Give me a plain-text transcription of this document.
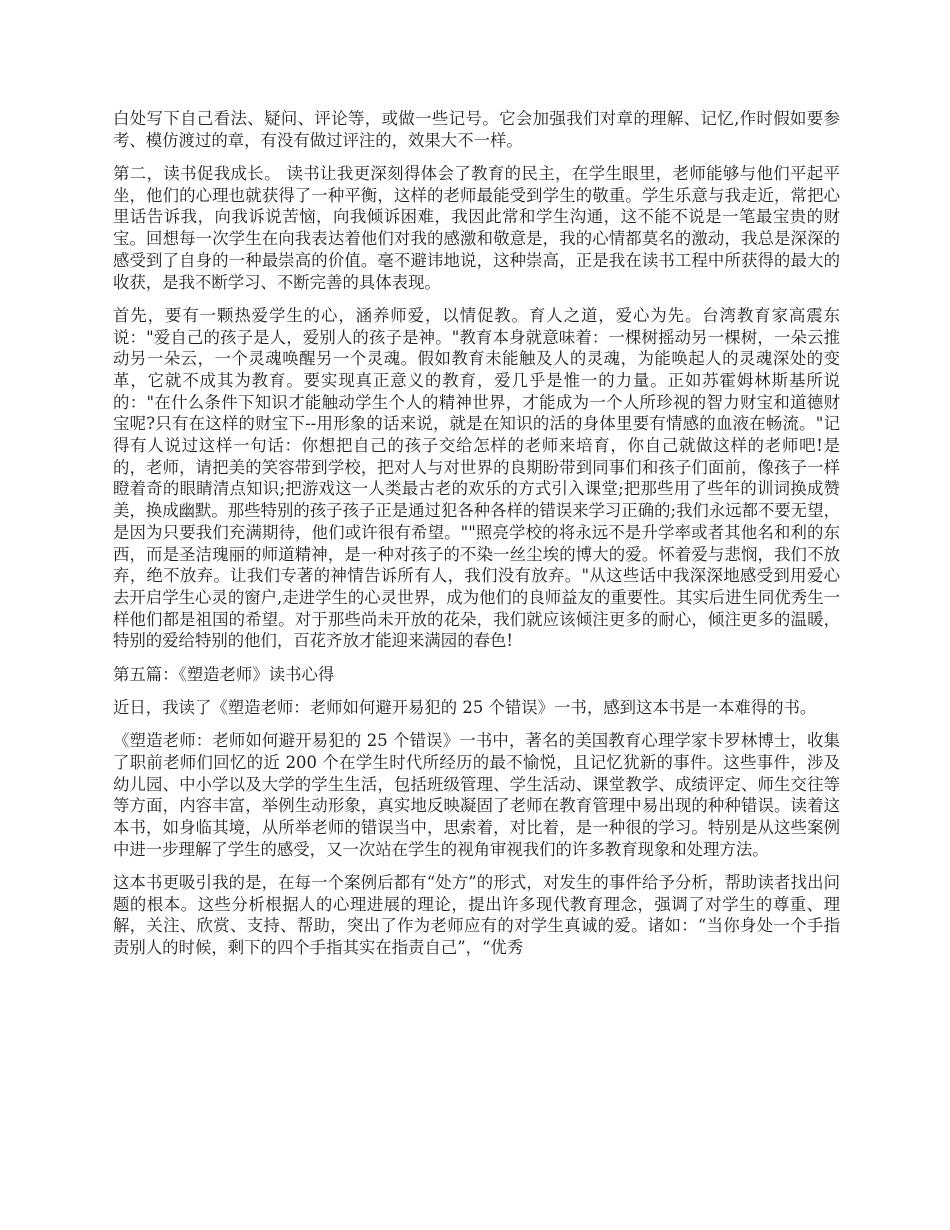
白处写下自己看法、疑问、评论等，或做一些记号。它会加强我们对章的理解、记忆,作时假如要参考、模仿渡过的章，有没有做过评注的，效果大不一样。

第二，读书促我成长。 读书让我更深刻得体会了教育的民主，在学生眼里，老师能够与他们平起平坐，他们的心理也就获得了一种平衡，这样的老师最能受到学生的敬重。学生乐意与我走近，常把心里话告诉我，向我诉说苦恼，向我倾诉困难，我因此常和学生沟通，这不能不说是一笔最宝贵的财宝。回想每一次学生在向我表达着他们对我的感激和敬意是，我的心情都莫名的激动，我总是深深的感受到了自身的一种最崇高的价值。毫不避讳地说，这种崇高，正是我在读书工程中所获得的最大的收获，是我不断学习、不断完善的具体表现。

首先，要有一颗热爱学生的心，涵养师爱，以情促教。育人之道，爱心为先。台湾教育家高震东说："爱自己的孩子是人，爱别人的孩子是神。"教育本身就意味着：一棵树摇动另一棵树，一朵云推动另一朵云，一个灵魂唤醒另一个灵魂。假如教育未能触及人的灵魂，为能唤起人的灵魂深处的变革，它就不成其为教育。要实现真正意义的教育，爱几乎是惟一的力量。正如苏霍姆林斯基所说的："在什么条件下知识才能触动学生个人的精神世界，才能成为一个人所珍视的智力财宝和道德财宝呢?只有在这样的财宝下--用形象的话来说，就是在知识的活的身体里要有情感的血液在畅流。"记得有人说过这样一句话：你想把自己的孩子交给怎样的老师来培育，你自己就做这样的老师吧!是的，老师，请把美的笑容带到学校，把对人与对世界的良期盼带到同事们和孩子们面前，像孩子一样瞪着奇的眼睛清点知识;把游戏这一人类最古老的欢乐的方式引入课堂;把那些用了些年的训词换成赞美，换成幽默。那些特别的孩子孩子正是通过犯各种各样的错误来学习正确的;我们永远都不要无望，是因为只要我们充满期待，他们或许很有希望。""照亮学校的将永远不是升学率或者其他名和利的东西，而是圣洁瑰丽的师道精神，是一种对孩子的不染一丝尘埃的博大的爱。怀着爱与悲悯，我们不放弃，绝不放弃。让我们专著的神情告诉所有人，我们没有放弃。"从这些话中我深深地感受到用爱心去开启学生心灵的窗户,走进学生的心灵世界，成为他们的良师益友的重要性。其实后进生同优秀生一样他们都是祖国的希望。对于那些尚未开放的花朵，我们就应该倾注更多的耐心，倾注更多的温暖，特别的爱给特别的他们，百花齐放才能迎来满园的春色!

第五篇：《塑造老师》读书心得

近日，我读了《塑造老师：老师如何避开易犯的 25 个错误》一书，感到这本书是一本难得的书。

《塑造老师：老师如何避开易犯的 25 个错误》一书中，著名的美国教育心理学家卡罗林博士，收集了职前老师们回忆的近 200 个在学生时代所经历的最不愉悦，且记忆犹新的事件。这些事件，涉及幼儿园、中小学以及大学的学生生活，包括班级管理、学生活动、课堂教学、成绩评定、师生交往等等方面，内容丰富，举例生动形象，真实地反映凝固了老师在教育管理中易出现的种种错误。读着这本书，如身临其境，从所举老师的错误当中，思索着，对比着，是一种很的学习。特别是从这些案例中进一步理解了学生的感受，又一次站在学生的视角审视我们的许多教育现象和处理方法。

这本书更吸引我的是，在每一个案例后都有“处方”的形式，对发生的事件给予分析，帮助读者找出问题的根本。这些分析根据人的心理进展的理论，提出许多现代教育理念，强调了对学生的尊重、理解，关注、欣赏、支持、帮助，突出了作为老师应有的对学生真诚的爱。诸如：“当你身处一个手指责别人的时候，剩下的四个手指其实在指责自己”，“优秀
